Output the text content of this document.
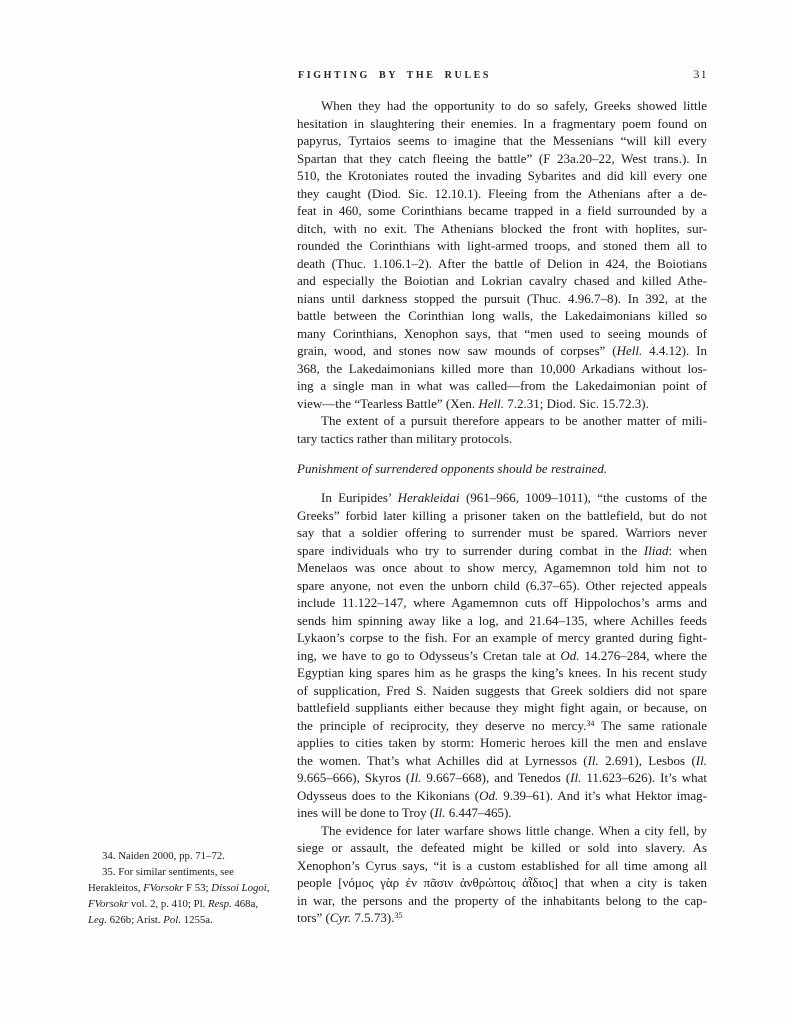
FIGHTING BY THE RULES	31
When they had the opportunity to do so safely, Greeks showed little
hesitation in slaughtering their enemies. In a fragmentary poem found on
papyrus, Tyrtaios seems to imagine that the Messenians “will kill every
Spartan that they catch fleeing the battle” (F 23a.20–22, West trans.). In
510, the Krotoniates routed the invading Sybarites and did kill every one
they caught (Diod. Sic. 12.10.1). Fleeing from the Athenians after a de-
feat in 460, some Corinthians became trapped in a field surrounded by a
ditch, with no exit. The Athenians blocked the front with hoplites, sur-
rounded the Corinthians with light-armed troops, and stoned them all to
death (Thuc. 1.106.1–2). After the battle of Delion in 424, the Boiotians
and especially the Boiotian and Lokrian cavalry chased and killed Athe-
nians until darkness stopped the pursuit (Thuc. 4.96.7–8). In 392, at the
battle between the Corinthian long walls, the Lakedaimonians killed so
many Corinthians, Xenophon says, that “men used to seeing mounds of
grain, wood, and stones now saw mounds of corpses” (Hell. 4.4.12). In
368, the Lakedaimonians killed more than 10,000 Arkadians without los-
ing a single man in what was called—from the Lakedaimonian point of
view—the “Tearless Battle” (Xen. Hell. 7.2.31; Diod. Sic. 15.72.3).
The extent of a pursuit therefore appears to be another matter of mili-
tary tactics rather than military protocols.
Punishment of surrendered opponents should be restrained.
In Euripides’ Herakleidai (961–966, 1009–1011), “the customs of the
Greeks” forbid later killing a prisoner taken on the battlefield, but do not
say that a soldier offering to surrender must be spared. Warriors never
spare individuals who try to surrender during combat in the Iliad: when
Menelaos was once about to show mercy, Agamemnon told him not to
spare anyone, not even the unborn child (6.37–65). Other rejected appeals
include 11.122–147, where Agamemnon cuts off Hippolochos’s arms and
sends him spinning away like a log, and 21.64–135, where Achilles feeds
Lykaon’s corpse to the fish. For an example of mercy granted during fight-
ing, we have to go to Odysseus’s Cretan tale at Od. 14.276–284, where the
Egyptian king spares him as he grasps the king’s knees. In his recent study
of supplication, Fred S. Naiden suggests that Greek soldiers did not spare
battlefield suppliants either because they might fight again, or because, on
the principle of reciprocity, they deserve no mercy.$^{34}$ The same rationale
applies to cities taken by storm: Homeric heroes kill the men and enslave
the women. That’s what Achilles did at Lyrnessos (Il. 2.691), Lesbos (Il.
9.665–666), Skyros (Il. 9.667–668), and Tenedos (Il. 11.623–626). It’s what
Odysseus does to the Kikonians (Od. 9.39–61). And it’s what Hektor imag-
ines will be done to Troy (Il. 6.447–465).
The evidence for later warfare shows little change. When a city fell, by
siege or assault, the defeated might be killed or sold into slavery. As
Xenophon’s Cyrus says, “it is a custom established for all time among all
people [νόμος γὰρ ἐν πᾶσιν ἀνθρώποις ἀῗδιος] that when a city is taken
in war, the persons and the property of the inhabitants belong to the cap-
tors” (Cyr. 7.5.73).$^{35}$
34. Naiden 2000, pp. 71–72.
35. For similar sentiments, see
Herakleitos, FVorsokr F 53; Dissoi Logoi,
FVorsokr vol. 2, p. 410; Pl. Resp. 468a,
Leg. 626b; Arist. Pol. 1255a.
